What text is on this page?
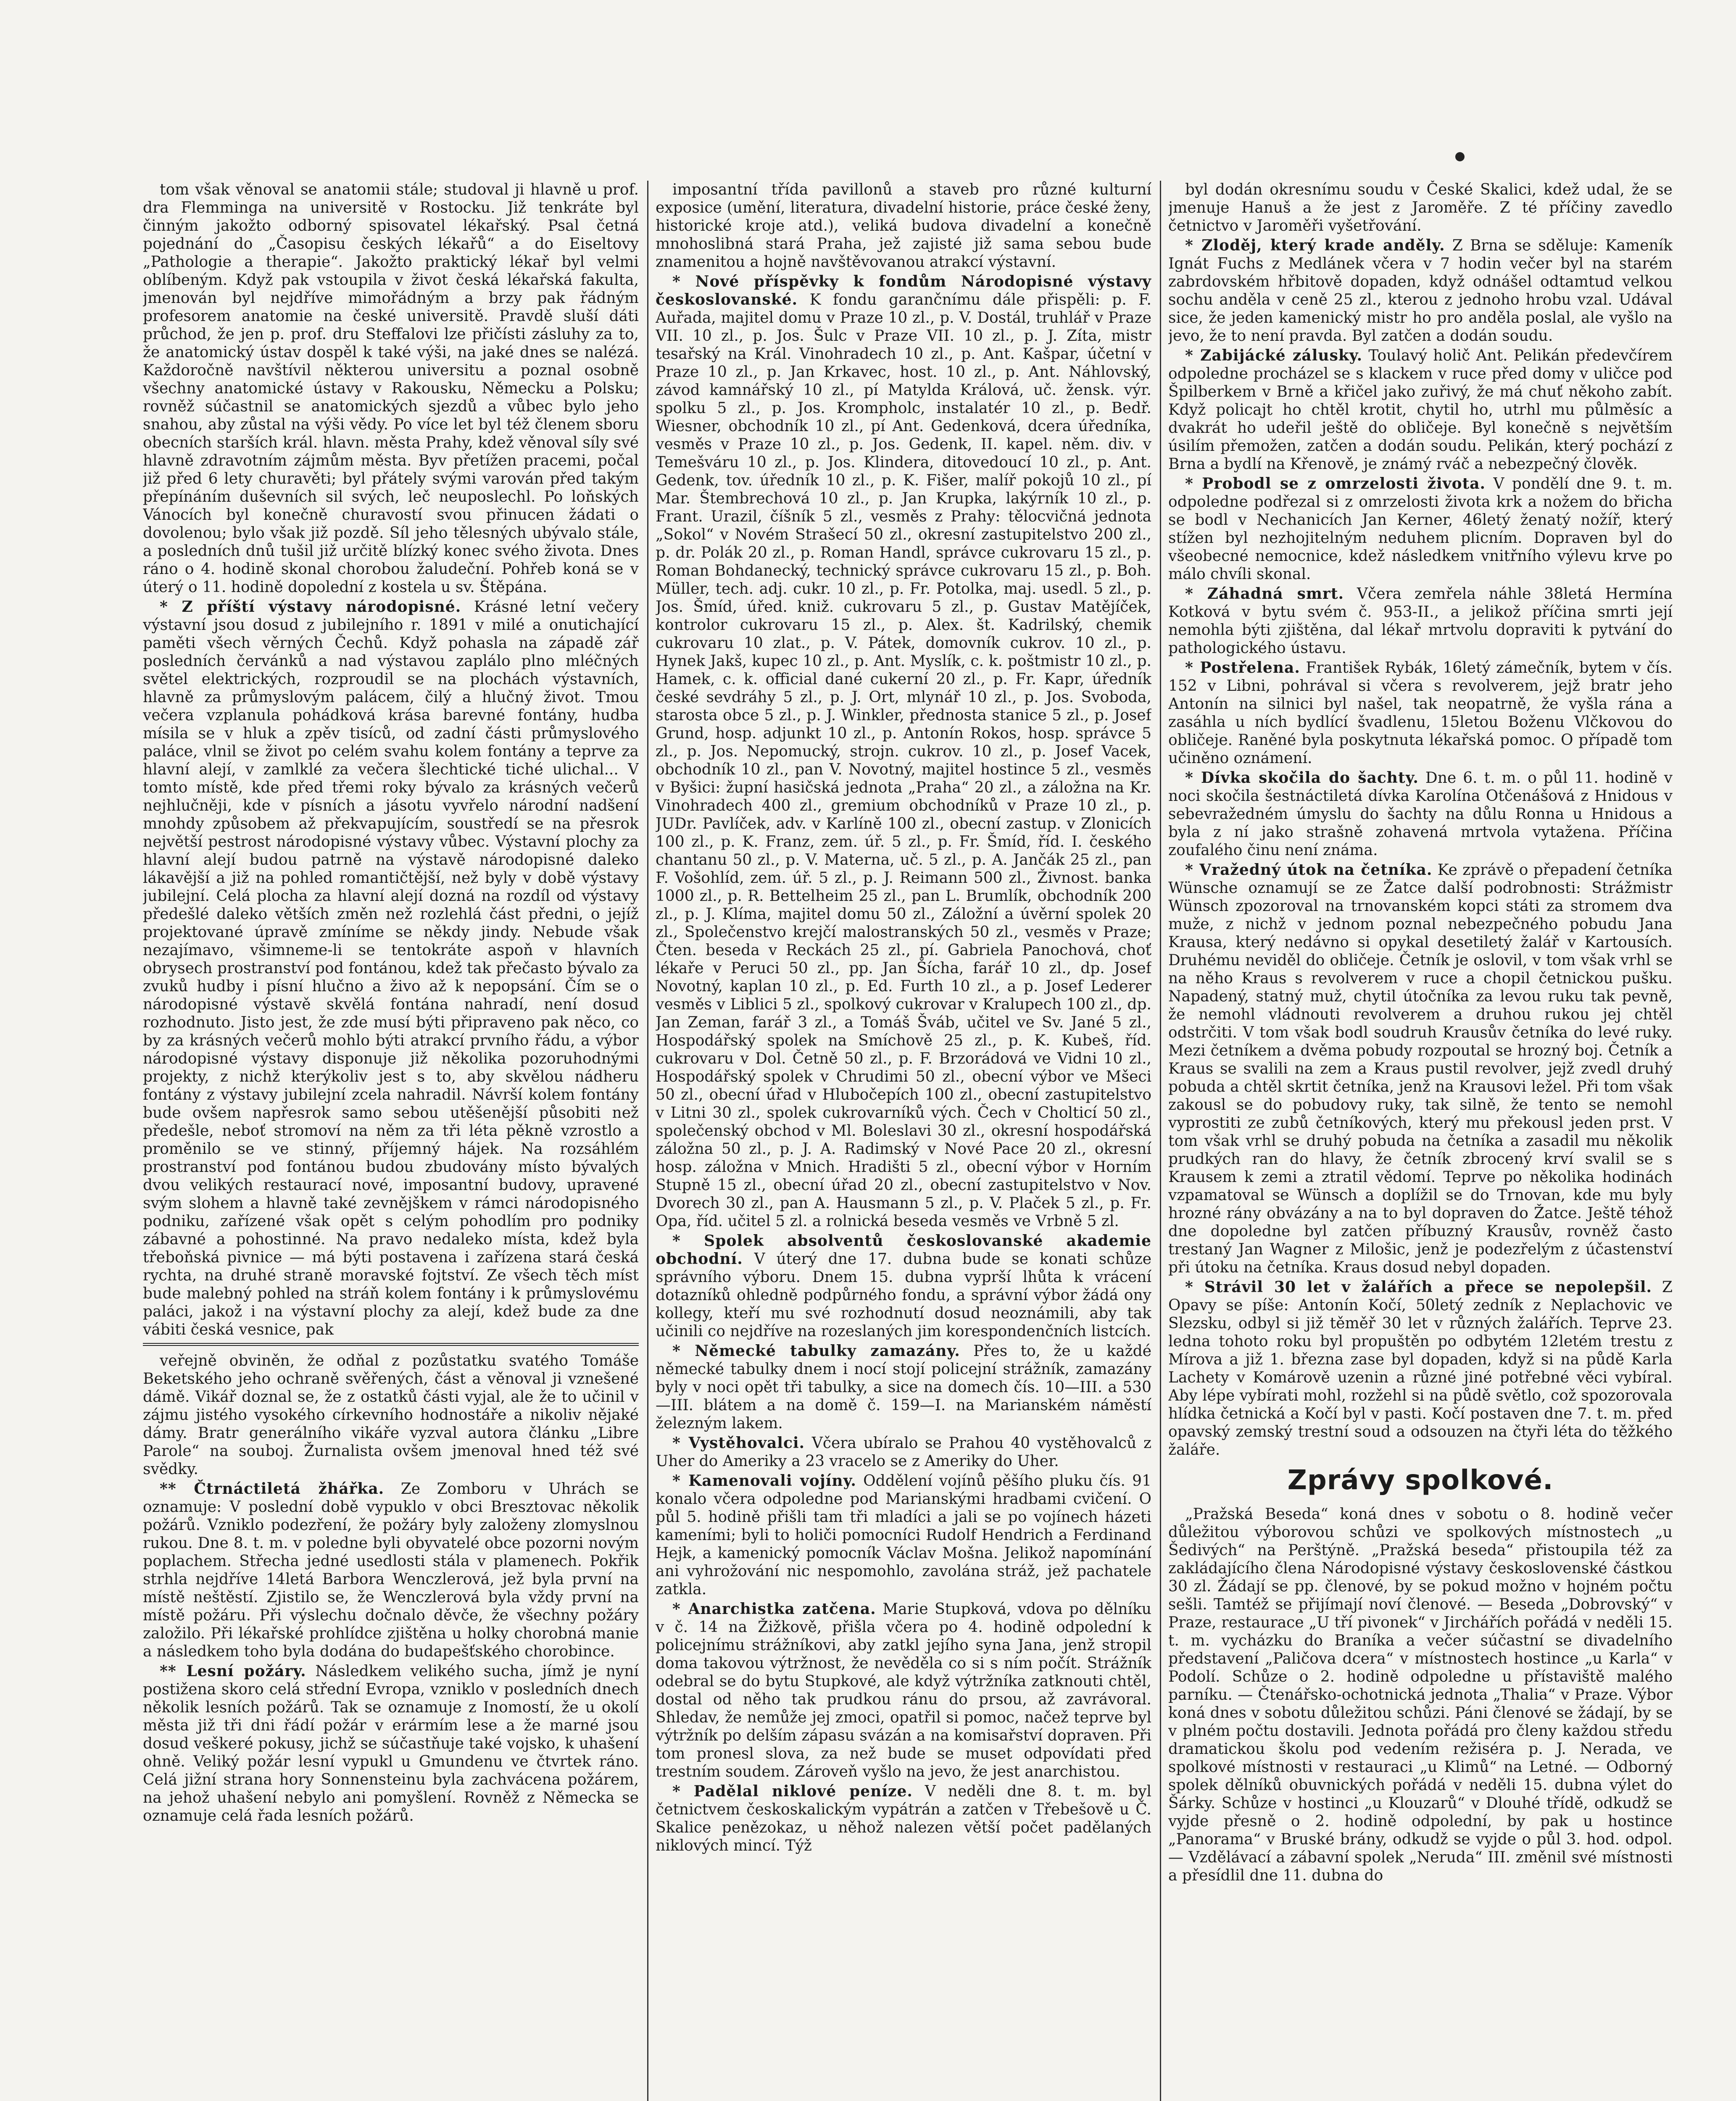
tom však věnoval se anatomii stále; studoval ji hlavně u prof. dra Flemminga na universitě v Rostocku. Již tenkráte byl činným jakožto odborný spisovatel lékařský. Psal četná pojednání do „Časopisu českých lékařů“ a do Eiseltovy „Pathologie a therapie“. Jakožto praktický lékař byl velmi oblíbeným. Když pak vstoupila v život česká lékařská fakulta, jmenován byl nejdříve mimořádným a brzy pak řádným profesorem anatomie na české universitě. Pravdě sluší dáti průchod, že jen p. prof. dru Steffalovi lze přičísti zásluhy za to, že anatomický ústav dospěl k také výši, na jaké dnes se nalézá. Každoročně navštívil některou universitu a poznal osobně všechny anatomické ústavy v Rakousku, Německu a Polsku; rovněž súčastnil se anatomických sjezdů a vůbec bylo jeho snahou, aby zůstal na výši vědy. Po více let byl též členem sboru obecních starších král. hlavn. města Prahy, kdež věnoval síly své hlavně zdravotním zájmům města. Byv přetížen pracemi, počal již před 6 lety churavěti; byl přátely svými varován před takým přepínáním duševních sil svých, leč neuposlechl. Po loňských Vánocích byl konečně churavostí svou přinucen žádati o dovolenou; bylo však již pozdě. Síl jeho tělesných ubývalo stále, a posledních dnů tušil již určitě blízký konec svého života. Dnes ráno o 4. hodině skonal chorobou žaludeční. Pohřeb koná se v úterý o 11. hodině dopolední z kostela u sv. Štěpána.

* Z příští výstavy národopisné. Krásné letní večery výstavní jsou dosud z jubilejního r. 1891 v milé a onutichající paměti všech věrných Čechů. Když pohasla na západě zář posledních červánků a nad výstavou zaplálo plno mléčných světel elektrických, rozproudil se na plochách výstavních, hlavně za průmyslovým palácem, čilý a hlučný život. Tmou večera vzplanula pohádková krása barevné fontány, hudba mísila se v hluk a zpěv tisíců, od zadní části průmyslového paláce, vlnil se život po celém svahu kolem fontány a teprve za hlavní alejí, v zamlklé za večera šlechtické tiché ulichal... V tomto místě, kde před třemi roky bývalo za krásných večerů nejhlučněji, kde v písních a jásotu vyvřelo národní nadšení mnohdy způsobem až překvapujícím, soustředí se na přesrok největší pestrost národopisné výstavy vůbec. Výstavní plochy za hlavní alejí budou patrně na výstavě národopisné daleko lákavější a již na pohled romantičtější, než byly v době výstavy jubilejní. Celá plocha za hlavní alejí dozná na rozdíl od výstavy předešlé daleko větších změn než rozlehlá část předni, o jejíž projektované úpravě zmíníme se někdy jindy. Nebude však nezajímavo, všimneme-li se tentokráte aspoň v hlavních obrysech prostranství pod fontánou, kdež tak přečasto bývalo za zvuků hudby i písní hlučno a živo až k nepopsání. Čím se o národopisné výstavě skvělá fontána nahradí, není dosud rozhodnuto. Jisto jest, že zde musí býti připraveno pak něco, co by za krásných večerů mohlo býti atrakcí prvního řádu, a výbor národopisné výstavy disponuje již několika pozoruhodnými projekty, z nichž kterýkoliv jest s to, aby skvělou nádheru fontány z výstavy jubilejní zcela nahradil. Návrší kolem fontány bude ovšem napřesrok samo sebou utěšenější působiti než předešle, neboť stromoví na něm za tři léta pěkně vzrostlo a proměnilo se ve stinný, příjemný hájek. Na rozsáhlém prostranství pod fontánou budou zbudovány místo bývalých dvou velikých restaurací nové, imposantní budovy, upravené svým slohem a hlavně také zevnějškem v rámci národopisného podniku, zařízené však opět s celým pohodlím pro podniky zábavné a pohostinné. Na pravo nedaleko místa, kdež byla třeboňská pivnice — má býti postavena i zařízena stará česká rychta, na druhé straně moravské fojtství. Ze všech těch míst bude malebný pohled na stráň kolem fontány i k průmyslovému paláci, jakož i na výstavní plochy za alejí, kdež bude za dne vábiti česká vesnice, pak

veřejně obviněn, že odňal z pozůstatku svatého Tomáše Beketského jeho ochraně svěřených, část a věnoval ji vznešené dámě. Vikář doznal se, že z ostatků části vyjal, ale že to učinil v zájmu jistého vysokého církevního hodnostáře a nikoliv nějaké dámy. Bratr generálního vikáře vyzval autora článku „Libre Parole“ na souboj. Žurnalista ovšem jmenoval hned též své svědky.

** Čtrnáctiletá žhářka. Ze Zomboru v Uhrách se oznamuje: V poslední době vypuklo v obci Bresztovac několik požárů. Vzniklo podezření, že požáry byly založeny zlomyslnou rukou. Dne 8. t. m. v poledne byli obyvatelé obce pozorni novým poplachem. Střecha jedné usedlosti stála v plamenech. Pokřik strhla nejdříve 14letá Barbora Wenczlerová, jež byla první na místě neštěstí. Zjistilo se, že Wenczlerová byla vždy první na místě požáru. Při výslechu dočnalo děvče, že všechny požáry založilo. Při lékařské prohlídce zjištěna u holky chorobná manie a následkem toho byla dodána do budapešťského chorobince.

** Lesní požáry. Následkem velikého sucha, jímž je nyní postižena skoro celá střední Evropa, vzniklo v posledních dnech několik lesních požárů. Tak se oznamuje z Inomostí, že u okolí města již tři dni řádí požár v erármím lese a že marné jsou dosud veškeré pokusy, jichž se súčastňuje také vojsko, k uhašení ohně. Veliký požár lesní vypukl u Gmundenu ve čtvrtek ráno. Celá jižní strana hory Sonnensteinu byla zachvácena požárem, na jehož uhašení nebylo ani pomyšlení. Rovněž z Německa se oznamuje celá řada lesních požárů.

imposantní třída pavillonů a staveb pro různé kulturní exposice (umění, literatura, divadelní historie, práce české ženy, historické kroje atd.), veliká budova divadelní a konečně mnohoslibná stará Praha, jež zajisté již sama sebou bude znamenitou a hojně navštěvovanou atrakcí výstavní.

* Nové příspěvky k fondům Národopisné výstavy českoslovanské. K fondu garančnímu dále přispěli: p. F. Auřada, majitel domu v Praze 10 zl., p. V. Dostál, truhlář v Praze VII. 10 zl., p. Jos. Šulc v Praze VII. 10 zl., p. J. Zíta, mistr tesařský na Král. Vinohradech 10 zl., p. Ant. Kašpar, účetní v Praze 10 zl., p. Jan Krkavec, host. 10 zl., p. Ant. Náhlovský, závod kamnářský 10 zl., pí Matylda Králová, uč. žensk. výr. spolku 5 zl., p. Jos. Krompholc, instalatér 10 zl., p. Bedř. Wiesner, obchodník 10 zl., pí Ant. Gedenková, dcera úředníka, vesměs v Praze 10 zl., p. Jos. Gedenk, II. kapel. něm. div. v Temešváru 10 zl., p. Jos. Klindera, ditovedoucí 10 zl., p. Ant. Gedenk, tov. úředník 10 zl., p. K. Fišer, malíř pokojů 10 zl., pí Mar. Štembrechová 10 zl., p. Jan Krupka, lakýrník 10 zl., p. Frant. Urazil, číšník 5 zl., vesměs z Prahy: tělocvičná jednota „Sokol“ v Novém Strašecí 50 zl., okresní zastupitelstvo 200 zl., p. dr. Polák 20 zl., p. Roman Handl, správce cukrovaru 15 zl., p. Roman Bohdanecký, technický správce cukrovaru 15 zl., p. Boh. Müller, tech. adj. cukr. 10 zl., p. Fr. Potolka, maj. usedl. 5 zl., p. Jos. Šmíd, úřed. kniž. cukrovaru 5 zl., p. Gustav Matějíček, kontrolor cukrovaru 15 zl., p. Alex. št. Kadrilský, chemik cukrovaru 10 zlat., p. V. Pátek, domovník cukrov. 10 zl., p. Hynek Jakš, kupec 10 zl., p. Ant. Myslík, c. k. poštmistr 10 zl., p. Hamek, c. k. official dané cukerní 20 zl., p. Fr. Kapr, úředník české sevdráhy 5 zl., p. J. Ort, mlynář 10 zl., p. Jos. Svoboda, starosta obce 5 zl., p. J. Winkler, přednosta stanice 5 zl., p. Josef Grund, hosp. adjunkt 10 zl., p. Antonín Rokos, hosp. správce 5 zl., p. Jos. Nepomucký, strojn. cukrov. 10 zl., p. Josef Vacek, obchodník 10 zl., pan V. Novotný, majitel hostince 5 zl., vesměs v Byšici: župní hasičská jednota „Praha“ 20 zl., a záložna na Kr. Vinohradech 400 zl., gremium obchodníků v Praze 10 zl., p. JUDr. Pavlíček, adv. v Karlíně 100 zl., obecní zastup. v Zlonicích 100 zl., p. K. Franz, zem. úř. 5 zl., p. Fr. Šmíd, říd. I. českého chantanu 50 zl., p. V. Materna, uč. 5 zl., p. A. Jančák 25 zl., pan F. Vošohlíd, zem. úř. 5 zl., p. J. Reimann 500 zl., Živnost. banka 1000 zl., p. R. Bettelheim 25 zl., pan L. Brumlík, obchodník 200 zl., p. J. Klíma, majitel domu 50 zl., Záložní a úvěrní spolek 20 zl., Společenstvo krejčí malostranských 50 zl., vesměs v Praze; Čten. beseda v Reckách 25 zl., pí. Gabriela Panochová, choť lékaře v Peruci 50 zl., pp. Jan Šícha, farář 10 zl., dp. Josef Novotný, kaplan 10 zl., p. Ed. Furth 10 zl., a p. Josef Lederer vesměs v Liblici 5 zl., spolkový cukrovar v Kralupech 100 zl., dp. Jan Zeman, farář 3 zl., a Tomáš Šváb, učitel ve Sv. Jané 5 zl., Hospodářský spolek na Smíchově 25 zl., p. K. Kubeš, říd. cukrovaru v Dol. Četně 50 zl., p. F. Brzorádová ve Vidni 10 zl., Hospodářský spolek v Chrudimi 50 zl., obecní výbor ve Mšeci 50 zl., obecní úřad v Hlubočepích 100 zl., obecní zastupitelstvo v Litni 30 zl., spolek cukrovarníků vých. Čech v Cholticí 50 zl., společenský obchod v Ml. Boleslavi 30 zl., okresní hospodářská záložna 50 zl., p. J. A. Radimský v Nové Pace 20 zl., okresní hosp. záložna v Mnich. Hradišti 5 zl., obecní výbor v Horním Stupně 15 zl., obecní úřad 20 zl., obecní zastupitelstvo v Nov. Dvorech 30 zl., pan A. Hausmann 5 zl., p. V. Plaček 5 zl., p. Fr. Opa, říd. učitel 5 zl. a rolnická beseda vesměs ve Vrbně 5 zl.

* Spolek absolventů českoslovanské akademie obchodní. V úterý dne 17. dubna bude se konati schůze správního výboru. Dnem 15. dubna vyprší lhůta k vrácení dotazníků ohledně podpůrného fondu, a správní výbor žádá ony kollegy, kteří mu své rozhodnutí dosud neoznámili, aby tak učinili co nejdříve na rozeslaných jim korespondenčních listcích.

* Německé tabulky zamazány. Přes to, že u každé německé tabulky dnem i nocí stojí policejní strážník, zamazány byly v noci opět tři tabulky, a sice na domech čís. 10—III. a 530—III. blátem a na domě č. 159—I. na Marianském náměstí železným lakem.

* Vystěhovalci. Včera ubíralo se Prahou 40 vystěhovalců z Uher do Ameriky a 23 vracelo se z Ameriky do Uher.

* Kamenovali vojíny. Oddělení vojínů pěšího pluku čís. 91 konalo včera odpoledne pod Marianskými hradbami cvičení. O půl 5. hodině přišli tam tři mladíci a jali se po vojínech házeti kameními; byli to holiči pomocníci Rudolf Hendrich a Ferdinand Hejk, a kamenický pomocník Václav Mošna. Jelikož napomínání ani vyhrožování nic nespomohlo, zavolána stráž, jež pachatele zatkla.

* Anarchistka zatčena. Marie Stupková, vdova po dělníku v č. 14 na Žižkově, přišla včera po 4. hodině odpolední k policejnímu strážníkovi, aby zatkl jejího syna Jana, jenž stropil doma takovou výtržnost, že nevěděla co si s ním počít. Strážník odebral se do bytu Stupkové, ale když výtržníka zatknouti chtěl, dostal od něho tak prudkou ránu do prsou, až zavrávoral. Shledav, že nemůže jej zmoci, opatřil si pomoc, načež teprve byl výtržník po delším zápasu svázán a na komisařství dopraven. Při tom pronesl slova, za než bude se muset odpovídati před trestním soudem. Zároveň vyšlo na jevo, že jest anarchistou.

* Padělal niklové peníze. V neděli dne 8. t. m. byl četnictvem českoskalickým vypátrán a zatčen v Třebešově u Č. Skalice penězokaz, u něhož nalezen větší počet padělaných niklových mincí. Týž

byl dodán okresnímu soudu v České Skalici, kdež udal, že se jmenuje Hanuš a že jest z Jaroměře. Z té příčiny zavedlo četnictvo v Jaroměři vyšetřování.

* Zloděj, který krade anděly. Z Brna se sděluje: Kameník Ignát Fuchs z Medlánek včera v 7 hodin večer byl na starém zabrdovském hřbitově dopaden, když odnášel odtamtud velkou sochu anděla v ceně 25 zl., kterou z jednoho hrobu vzal. Udával sice, že jeden kamenický mistr ho pro anděla poslal, ale vyšlo na jevo, že to není pravda. Byl zatčen a dodán soudu.

* Zabijácké zálusky. Toulavý holič Ant. Pelikán předevčírem odpoledne procházel se s klackem v ruce před domy v uličce pod Špilberkem v Brně a křičel jako zuřivý, že má chuť někoho zabít. Když policajt ho chtěl krotit, chytil ho, utrhl mu půlměsíc a dvakrát ho udeřil ještě do obličeje. Byl konečně s největším úsilím přemožen, zatčen a dodán soudu. Pelikán, který pochází z Brna a bydlí na Křenově, je známý rváč a nebezpečný člověk.

* Probodl se z omrzelosti života. V pondělí dne 9. t. m. odpoledne podřezal si z omrzelosti života krk a nožem do břicha se bodl v Nechanicích Jan Kerner, 46letý ženatý nožíř, který stížen byl nezhojitelným neduhem plicním. Dopraven byl do všeobecné nemocnice, kdež následkem vnitřního výlevu krve po málo chvíli skonal.

* Záhadná smrt. Včera zemřela náhle 38letá Hermína Kotková v bytu svém č. 953-II., a jelikož příčina smrti její nemohla býti zjištěna, dal lékař mrtvolu dopraviti k pytvání do pathologického ústavu.

* Postřelena. František Rybák, 16letý zámečník, bytem v čís. 152 v Libni, pohrával si včera s revolverem, jejž bratr jeho Antonín na silnici byl našel, tak neopatrně, že vyšla rána a zasáhla u ních bydlící švadlenu, 15letou Boženu Vlčkovou do obličeje. Raněné byla poskytnuta lékařská pomoc. O případě tom učiněno oznámení.

* Dívka skočila do šachty. Dne 6. t. m. o půl 11. hodině v noci skočila šestnáctiletá dívka Karolína Otčenášová z Hnidous v sebevražedném úmyslu do šachty na důlu Ronna u Hnidous a byla z ní jako strašně zohavená mrtvola vytažena. Příčina zoufalého činu není známa.

* Vražedný útok na četníka. Ke zprávě o přepadení četníka Wünsche oznamují se ze Žatce další podrobnosti: Strážmistr Wünsch zpozoroval na trnovanském kopci státi za stromem dva muže, z nichž v jednom poznal nebezpečného pobudu Jana Krausa, který nedávno si opykal desetiletý žalář v Kartousích. Druhému neviděl do obličeje. Četník je oslovil, v tom však vrhl se na něho Kraus s revolverem v ruce a chopil četnickou pušku. Napadený, statný muž, chytil útočníka za levou ruku tak pevně, že nemohl vládnouti revolverem a druhou rukou jej chtěl odstrčiti. V tom však bodl soudruh Krausův četníka do levé ruky. Mezi četníkem a dvěma pobudy rozpoutal se hrozný boj. Četník a Kraus se svalili na zem a Kraus pustil revolver, jejž zvedl druhý pobuda a chtěl skrtit četníka, jenž na Krausovi ležel. Při tom však zakousl se do pobudovy ruky, tak silně, že tento se nemohl vyprostiti ze zubů četníkových, který mu překousl jeden prst. V tom však vrhl se druhý pobuda na četníka a zasadil mu několik prudkých ran do hlavy, že četník zbrocený krví svalil se s Krausem k zemi a ztratil vědomí. Teprve po několika hodinách vzpamatoval se Wünsch a doplížil se do Trnovan, kde mu byly hrozné rány obvázány a na to byl dopraven do Žatce. Ještě téhož dne dopoledne byl zatčen příbuzný Krausův, rovněž často trestaný Jan Wagner z Milošic, jenž je podezřelým z účastenství při útoku na četníka. Kraus dosud nebyl dopaden.

* Strávil 30 let v žalářích a přece se nepolepšil. Z Opavy se píše: Antonín Kočí, 50letý zedník z Neplachovic ve Slezsku, odbyl si již těměř 30 let v různých žalářích. Teprve 23. ledna tohoto roku byl propuštěn po odbytém 12letém trestu z Mírova a již 1. března zase byl dopaden, když si na půdě Karla Lachety v Komárově uzenin a různé jiné potřebné věci vybíral. Aby lépe vybírati mohl, rozžehl si na půdě světlo, což spozorovala hlídka četnická a Kočí byl v pasti. Kočí postaven dne 7. t. m. před opavský zemský trestní soud a odsouzen na čtyři léta do těžkého žaláře.

Zprávy spolkové.

„Pražská Beseda“ koná dnes v sobotu o 8. hodině večer důležitou výborovou schůzi ve spolkových místnostech „u Šedivých“ na Perštýně. „Pražská beseda“ přistoupila též za zakládajícího člena Národopisné výstavy československé částkou 30 zl. Žádají se pp. členové, by se pokud možno v hojném počtu sešli. Tamtéž se přijímají noví členové. — Beseda „Dobrovský“ v Praze, restaurace „U tří pivonek“ v Jirchářích pořádá v neděli 15. t. m. vycházku do Braníka a večer súčastní se divadelního představení „Paličova dcera“ v místnostech hostince „u Karla“ v Podolí. Schůze o 2. hodině odpoledne u přístaviště malého parníku. — Čtenářsko-ochotnická jednota „Thalia“ v Praze. Výbor koná dnes v sobotu důležitou schůzi. Páni členové se žádají, by se v plném počtu dostavili. Jednota pořádá pro členy každou středu dramatickou školu pod vedením režiséra p. J. Nerada, ve spolkové místnosti v restauraci „u Klimů“ na Letné. — Odborný spolek dělníků obuvnických pořádá v neděli 15. dubna výlet do Šárky. Schůze v hostinci „u Klouzarů“ v Dlouhé třídě, odkudž se vyjde přesně o 2. hodině odpolední, by pak u hostince „Panorama“ v Bruské brány, odkudž se vyjde o půl 3. hod. odpol. — Vzdělávací a zábavní spolek „Neruda“ III. změnil své místnosti a přesídlil dne 11. dubna do
